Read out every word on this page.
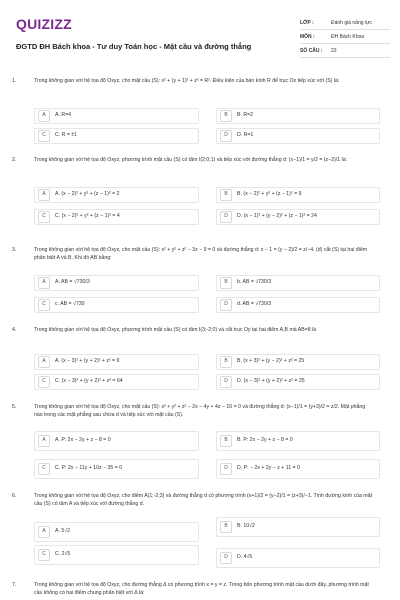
QUIZIZZ
ĐGTD ĐH Bách khoa - Tư duy Toán học - Mặt cầu và đường thẳng
LỚP :	Đánh giá năng lực
MÔN :	ĐH Bách Khoa
SỐ CÂU :	23
1.	Trong không gian với hệ tọa độ Oxyz, cho mặt cầu (S): x² + (y + 1)² + z² = R². Điều kiện của bán kính R để trục Ox tiếp xúc với (S) là:
A	A. R=4	B	B. R=2
C	C. R = ±1	D	D. R=1
2.	Trong không gian với hệ tọa độ Oxyz, phương trình mặt cầu (S) có tâm I(2;0;1) và tiếp xúc với đường thẳng d: (x−1)/1 = y/2 = (z−2)/1 là:
A	A. (x − 2)² + y² + (z − 1)² = 2	B	B. (x − 2)² + y² + (z − 1)² = 9
C	C. (x − 2)² + y² + (z − 1)² = 4	D	D. (x − 1)² + (y − 2)² + (z − 1)² = 24
3.	Trong không gian với hệ tọa độ Oxyz, cho mặt cầu (S): x² + y² + z² − 3z − 9 = 0 và đường thẳng d: x − 1 = (y − 2)/2 = z/−4. (d) cắt (S) tại hai điểm phân biệt A và B. Khi đó AB bằng:
A	A. AB = √730/3	B	b. AB = √730/3
C	c. AB = √730	D	d. AB = √730/3
4.	Trong không gian với hệ tọa độ Oxyz, phương trình mặt cầu (S) có tâm I(3;-2;0) và cắt trục Oy tại hai điểm A,B mà AB=8 là
A	A. (x − 3)² + (y + 2)² + z² = 9	B	B. (x + 3)² + (y − 2)² + z² = 25
C	C. (x − 3)² + (y + 2)² + z² = 64	D	D. (x − 3)² + (y + 2)² + z² = 25
5.	Trong không gian với hệ tọa độ Oxyz, cho mặt cầu (S): x² + y² + z² − 2x − 4y + 4z − 16 = 0 và đường thẳng d: (x−1)/1 = (y+3)/2 = z/2. Mặt phẳng nào trong các mặt phẳng sau chứa d và tiếp xúc với mặt cầu (S).
A	A. P: 2x − 2y + z − 8 = 0	B	B. P: 2x − 2y + z − 8 = 0
C	C. P: 2x − 11y + 10z − 35 = 0	D	D. P: − 2x + 2y − z + 11 = 0
6.	Trong không gian với hệ tọa độ Oxyz, cho điểm A(1;-2;3) và đường thẳng d có phương trình (x+1)/2 = (y−2)/1 = (z+3)/−1. Tính đường kính của mặt cầu (S) có tâm A và tiếp xúc với đường thẳng d.
A	A. 5√2
B	B. 10√2
C	C. 2√5
D	D. 4√5
7.	Trong không gian với hệ tọa độ Oxyz, cho đường thẳng Δ có phương trình x = y = z. Trong bốn phương trình mặt cầu dưới đây, phương trình mặt cầu không có hai điểm chung phân biệt với Δ là:
